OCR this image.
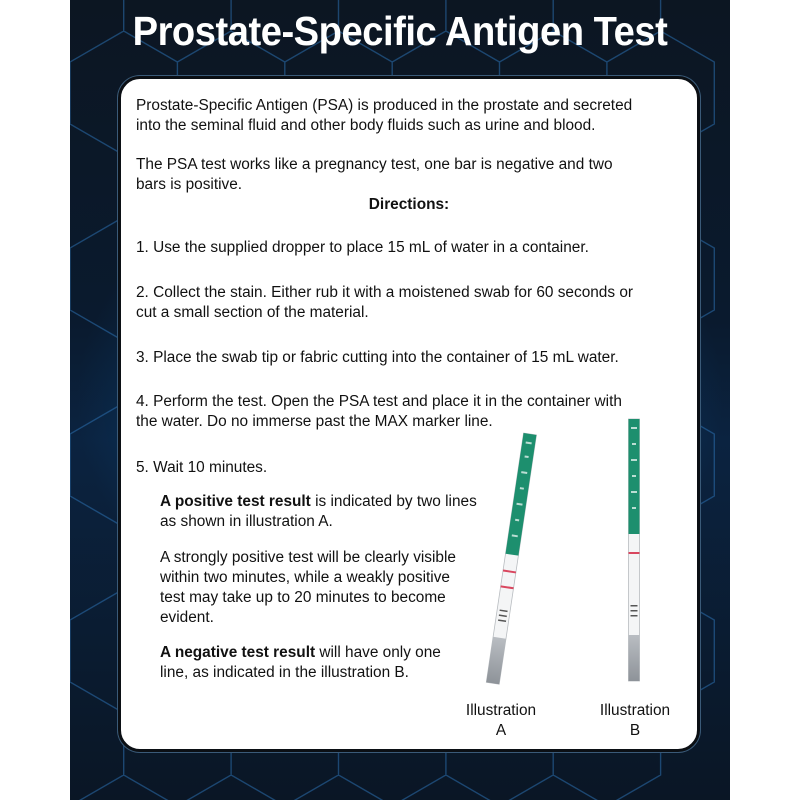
Prostate-Specific Antigen Test
Prostate-Specific Antigen (PSA) is produced in the prostate and secreted
into the seminal fluid and other body fluids such as urine and blood.
The PSA test works like a pregnancy test, one bar is negative and two
bars is positive.
Directions:
1. Use the supplied dropper to place 15 mL of water in a container.
2. Collect the stain. Either rub it with a moistened swab for 60 seconds or
cut a small section of the material.
3. Place the swab tip or fabric cutting into the container of 15 mL water.
4. Perform the test. Open the PSA test and place it in the container with
the water. Do no immerse past the MAX marker line.
5. Wait 10 minutes.
A positive test result is indicated by two lines
as shown in illustration A.
A strongly positive test will be clearly visible
within two minutes, while a weakly positive
test may take up to 20 minutes to become
evident.
A negative test result will have only one
line, as indicated in the illustration B.
Illustration
A
Illustration
B
